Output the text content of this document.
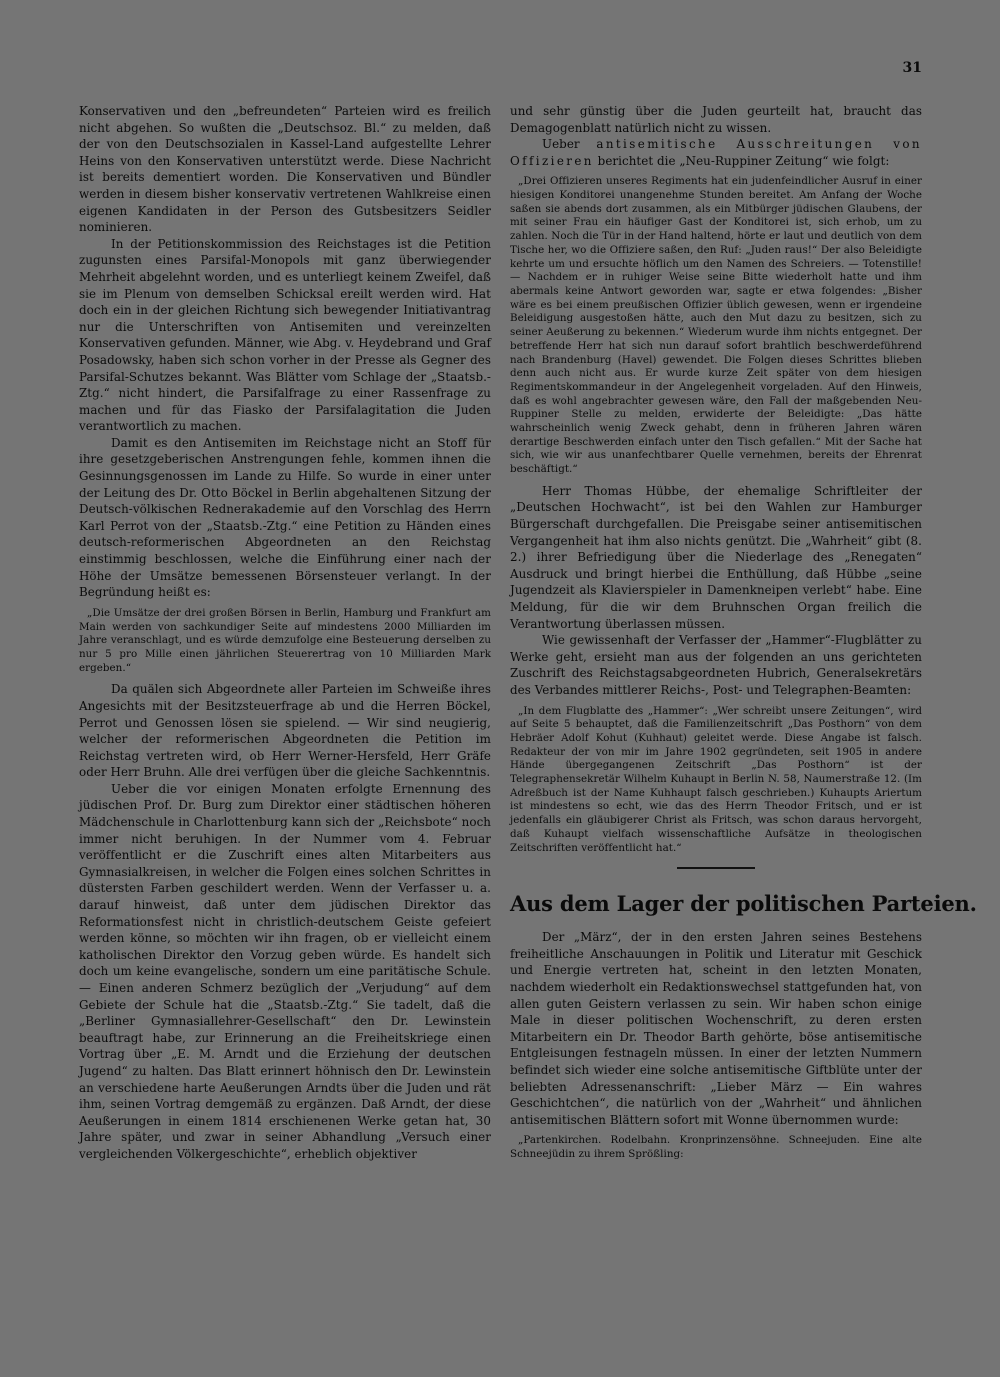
31

Konservativen und den „befreundeten“ Parteien wird es freilich nicht abgehen. So wußten die „Deutschsoz. Bl.“ zu melden, daß der von den Deutschsozialen in Kassel-Land aufgestellte Lehrer Heins von den Konservativen unterstützt werde. Diese Nachricht ist bereits dementiert worden. Die Konservativen und Bündler werden in diesem bisher konservativ vertretenen Wahlkreise einen eigenen Kandidaten in der Person des Gutsbesitzers Seidler nominieren.

In der Petitionskommission des Reichstages ist die Petition zugunsten eines Parsifal-Monopols mit ganz überwiegender Mehrheit abgelehnt worden, und es unterliegt keinem Zweifel, daß sie im Plenum von demselben Schicksal ereilt werden wird. Hat doch ein in der gleichen Richtung sich bewegender Initiativantrag nur die Unterschriften von Antisemiten und vereinzelten Konservativen gefunden. Männer, wie Abg. v. Heydebrand und Graf Posadowsky, haben sich schon vorher in der Presse als Gegner des Parsifal-Schutzes bekannt. Was Blätter vom Schlage der „Staatsb.-Ztg.“ nicht hindert, die Parsifalfrage zu einer Rassenfrage zu machen und für das Fiasko der Parsifalagitation die Juden verantwortlich zu machen.

Damit es den Antisemiten im Reichstage nicht an Stoff für ihre gesetzgeberischen Anstrengungen fehle, kommen ihnen die Gesinnungsgenossen im Lande zu Hilfe. So wurde in einer unter der Leitung des Dr. Otto Böckel in Berlin abgehaltenen Sitzung der Deutsch-völkischen Rednerakademie auf den Vorschlag des Herrn Karl Perrot von der „Staatsb.-Ztg.“ eine Petition zu Händen eines deutsch-reformerischen Abgeordneten an den Reichstag einstimmig beschlossen, welche die Einführung einer nach der Höhe der Umsätze bemessenen Börsensteuer verlangt. In der Begründung heißt es:

„Die Umsätze der drei großen Börsen in Berlin, Hamburg und Frankfurt am Main werden von sachkundiger Seite auf mindestens 2000 Milliarden im Jahre veranschlagt, und es würde demzufolge eine Besteuerung derselben zu nur 5 pro Mille einen jährlichen Steuerertrag von 10 Milliarden Mark ergeben.“

Da quälen sich Abgeordnete aller Parteien im Schweiße ihres Angesichts mit der Besitzsteuerfrage ab und die Herren Böckel, Perrot und Genossen lösen sie spielend. — Wir sind neugierig, welcher der reformerischen Abgeordneten die Petition im Reichstag vertreten wird, ob Herr Werner-Hersfeld, Herr Gräfe oder Herr Bruhn. Alle drei verfügen über die gleiche Sachkenntnis.

Ueber die vor einigen Monaten erfolgte Ernennung des jüdischen Prof. Dr. Burg zum Direktor einer städtischen höheren Mädchenschule in Charlottenburg kann sich der „Reichsbote“ noch immer nicht beruhigen. In der Nummer vom 4. Februar veröffentlicht er die Zuschrift eines alten Mitarbeiters aus Gymnasialkreisen, in welcher die Folgen eines solchen Schrittes in düstersten Farben geschildert werden. Wenn der Verfasser u. a. darauf hinweist, daß unter dem jüdischen Direktor das Reformationsfest nicht in christlich-deutschem Geiste gefeiert werden könne, so möchten wir ihn fragen, ob er vielleicht einem katholischen Direktor den Vorzug geben würde. Es handelt sich doch um keine evangelische, sondern um eine paritätische Schule. — Einen anderen Schmerz bezüglich der „Verjudung“ auf dem Gebiete der Schule hat die „Staatsb.-Ztg.“ Sie tadelt, daß die „Berliner Gymnasiallehrer-Gesellschaft“ den Dr. Lewinstein beauftragt habe, zur Erinnerung an die Freiheitskriege einen Vortrag über „E. M. Arndt und die Erziehung der deutschen Jugend“ zu halten. Das Blatt erinnert höhnisch den Dr. Lewinstein an verschiedene harte Aeußerungen Arndts über die Juden und rät ihm, seinen Vortrag demgemäß zu ergänzen. Daß Arndt, der diese Aeußerungen in einem 1814 erschienenen Werke getan hat, 30 Jahre später, und zwar in seiner Abhandlung „Versuch einer vergleichenden Völkergeschichte“, erheblich objektiver

und sehr günstig über die Juden geurteilt hat, braucht das Demagogenblatt natürlich nicht zu wissen.

Ueber antisemitische Ausschreitungen von Offizieren berichtet die „Neu-Ruppiner Zeitung“ wie folgt:

„Drei Offizieren unseres Regiments hat ein judenfeindlicher Ausruf in einer hiesigen Konditorei unangenehme Stunden bereitet. Am Anfang der Woche saßen sie abends dort zusammen, als ein Mitbürger jüdischen Glaubens, der mit seiner Frau ein häufiger Gast der Konditorei ist, sich erhob, um zu zahlen. Noch die Tür in der Hand haltend, hörte er laut und deutlich von dem Tische her, wo die Offiziere saßen, den Ruf: „Juden raus!“ Der also Beleidigte kehrte um und ersuchte höflich um den Namen des Schreiers. — Totenstille! — Nachdem er in ruhiger Weise seine Bitte wiederholt hatte und ihm abermals keine Antwort geworden war, sagte er etwa folgendes: „Bisher wäre es bei einem preußischen Offizier üblich gewesen, wenn er irgendeine Beleidigung ausgestoßen hätte, auch den Mut dazu zu besitzen, sich zu seiner Aeußerung zu bekennen.“ Wiederum wurde ihm nichts entgegnet. Der betreffende Herr hat sich nun darauf sofort brahtlich beschwerdeführend nach Brandenburg (Havel) gewendet. Die Folgen dieses Schrittes blieben denn auch nicht aus. Er wurde kurze Zeit später von dem hiesigen Regimentskommandeur in der Angelegenheit vorgeladen. Auf den Hinweis, daß es wohl angebrachter gewesen wäre, den Fall der maßgebenden Neu-Ruppiner Stelle zu melden, erwiderte der Beleidigte: „Das hätte wahrscheinlich wenig Zweck gehabt, denn in früheren Jahren wären derartige Beschwerden einfach unter den Tisch gefallen.“ Mit der Sache hat sich, wie wir aus unanfechtbarer Quelle vernehmen, bereits der Ehrenrat beschäftigt.“

Herr Thomas Hübbe, der ehemalige Schriftleiter der „Deutschen Hochwacht“, ist bei den Wahlen zur Hamburger Bürgerschaft durchgefallen. Die Preisgabe seiner antisemitischen Vergangenheit hat ihm also nichts genützt. Die „Wahrheit“ gibt (8. 2.) ihrer Befriedigung über die Niederlage des „Renegaten“ Ausdruck und bringt hierbei die Enthüllung, daß Hübbe „seine Jugendzeit als Klavierspieler in Damenkneipen verlebt“ habe. Eine Meldung, für die wir dem Bruhnschen Organ freilich die Verantwortung überlassen müssen.

Wie gewissenhaft der Verfasser der „Hammer“-Flugblätter zu Werke geht, ersieht man aus der folgenden an uns gerichteten Zuschrift des Reichstagsabgeordneten Hubrich, Generalsekretärs des Verbandes mittlerer Reichs-, Post- und Telegraphen-Beamten:

„In dem Flugblatte des „Hammer“: „Wer schreibt unsere Zeitungen“, wird auf Seite 5 behauptet, daß die Familienzeitschrift „Das Posthorn“ von dem Hebräer Adolf Kohut (Kuhhaut) geleitet werde. Diese Angabe ist falsch. Redakteur der von mir im Jahre 1902 gegründeten, seit 1905 in andere Hände übergegangenen Zeitschrift „Das Posthorn“ ist der Telegraphensekretär Wilhelm Kuhaupt in Berlin N. 58, Naumerstraße 12. (Im Adreßbuch ist der Name Kuhhaupt falsch geschrieben.) Kuhaupts Ariertum ist mindestens so echt, wie das des Herrn Theodor Fritsch, und er ist jedenfalls ein gläubigerer Christ als Fritsch, was schon daraus hervorgeht, daß Kuhaupt vielfach wissenschaftliche Aufsätze in theologischen Zeitschriften veröffentlicht hat.“

Aus dem Lager der politischen Parteien.

Der „März“, der in den ersten Jahren seines Bestehens freiheitliche Anschauungen in Politik und Literatur mit Geschick und Energie vertreten hat, scheint in den letzten Monaten, nachdem wiederholt ein Redaktionswechsel stattgefunden hat, von allen guten Geistern verlassen zu sein. Wir haben schon einige Male in dieser politischen Wochenschrift, zu deren ersten Mitarbeitern ein Dr. Theodor Barth gehörte, böse antisemitische Entgleisungen festnageln müssen. In einer der letzten Nummern befindet sich wieder eine solche antisemitische Giftblüte unter der beliebten Adressenanschrift: „Lieber März — Ein wahres Geschichtchen“, die natürlich von der „Wahrheit“ und ähnlichen antisemitischen Blättern sofort mit Wonne übernommen wurde:

„Partenkirchen. Rodelbahn. Kronprinzensöhne. Schneejuden. Eine alte Schneejüdin zu ihrem Sprößling:
